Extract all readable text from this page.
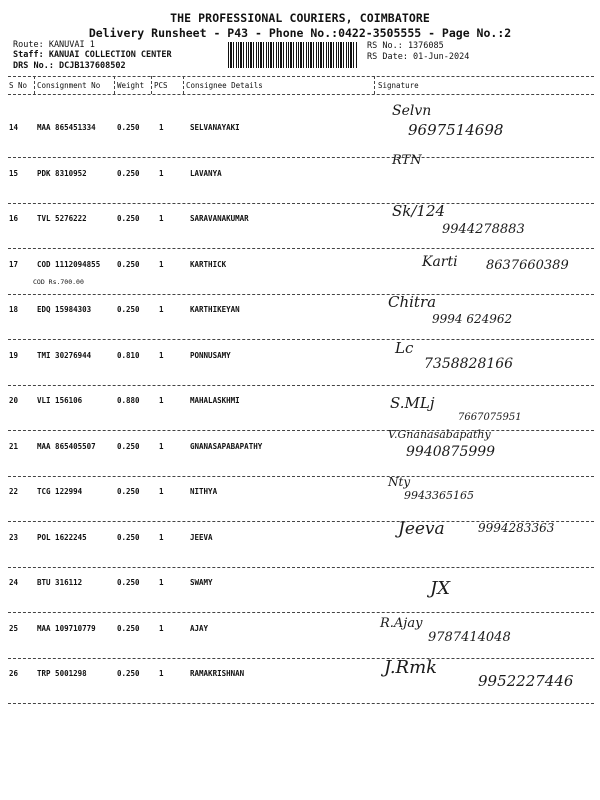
THE PROFESSIONAL COURIERS, COIMBATORE
Delivery Runsheet - P43 - Phone No.:0422-3505555 - Page No.:2
Route: KANUVAI 1
Staff: KANUAI COLLECTION CENTER
DRS No.: DCJB137608502
RS No.: 1376085
RS Date: 01-Jun-2024
S No Consignment No Weight PCS Consignee Details	Signature
14	MAA 865451334	0.250	1	SELVANAYAKI
Selvn
9697514698
15	PDK 8310952	0.250	1	LAVANYA
RTN
16	TVL 5276222	0.250	1	SARAVANAKUMAR	Sk/124
9944278883
17	COD 1112094855 0.250	1	KARTHICK
COD Rs.700.00
Karti 8637660389
18	EDQ 15984303	0.250	1	KARTHIKEYAN	Chitra
9994 624962
19	TMI 30276944	0.810	1	PONNUSAMY	Lc
7358828166
20	VLI 156106	0.880	1	MAHALASKHMI	S.MLj
7667075951
21	MAA 865405507	0.250	1	GNANASAPABAPATHY
V.Gnanasabapathy
9940875999
22	TCG 122994	0.250	1	NITHYA
Nty
9943365165
23	POL 1622245	0.250	1	JEEVA	Jeeva	9994283363
24	BTU 316112	0.250	1	SWAMY	JX
25	MAA 109710779	0.250	1	AJAY	R.Ajay
9787414048
26	TRP 5001298	0.250	1	RAMAKRISHNAN	J.Rmk
9952227446
